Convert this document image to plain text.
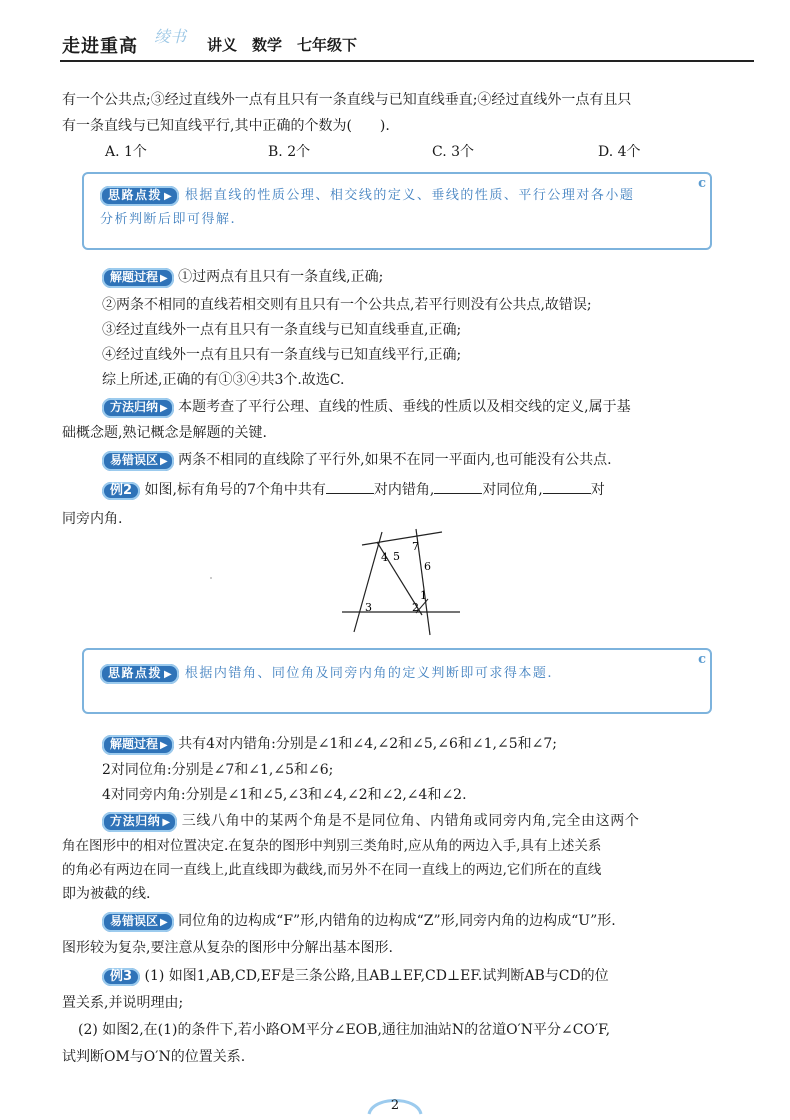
走进重高 绫书 讲义　数学　七年级下
有一个公共点;③经过直线外一点有且只有一条直线与已知直线垂直;④经过直线外一点有且只
有一条直线与已知直线平行,其中正确的个数为(　　).
A. 1个	B. 2个	C. 3个	D. 4个
c
思路点拨 ▶ 根据直线的性质公理、相交线的定义、垂线的性质、平行公理对各小题
分析判断后即可得解.
解题过程 ▶ ①过两点有且只有一条直线,正确;
②两条不相同的直线若相交则有且只有一个公共点,若平行则没有公共点,故错误;
③经过直线外一点有且只有一条直线与已知直线垂直,正确;
④经过直线外一点有且只有一条直线与已知直线平行,正确;
综上所述,正确的有①③④共3个.故选C.
方法归纳 ▶ 本题考查了平行公理、直线的性质、垂线的性质以及相交线的定义,属于基
础概念题,熟记概念是解题的关键.
易错误区 ▶ 两条不相同的直线除了平行外,如果不在同一平面内,也可能没有公共点.
例2 如图,标有角号的7个角中共有	对内错角,	对同位角,	对
同旁内角.
4 5
7
6
1
2
3
c
思路点拨 ▶ 根据内错角、同位角及同旁内角的定义判断即可求得本题.
解题过程 ▶ 共有4对内错角:分别是∠1和∠4,∠2和∠5,∠6和∠1,∠5和∠7;
2对同位角:分别是∠7和∠1,∠5和∠6;
4对同旁内角:分别是∠1和∠5,∠3和∠4,∠2和∠2,∠4和∠2.
方法归纳 ▶ 三线八角中的某两个角是不是同位角、内错角或同旁内角,完全由这两个
角在图形中的相对位置决定.在复杂的图形中判别三类角时,应从角的两边入手,具有上述关系
的角必有两边在同一直线上,此直线即为截线,而另外不在同一直线上的两边,它们所在的直线
即为被截的线.
易错误区 ▶ 同位角的边构成“F”形,内错角的边构成“Z”形,同旁内角的边构成“U”形.
图形较为复杂,要注意从复杂的图形中分解出基本图形.
例3 (1) 如图1,AB,CD,EF是三条公路,且AB⊥EF,CD⊥EF.试判断AB与CD的位
置关系,并说明理由;
(2) 如图2,在(1)的条件下,若小路OM平分∠EOB,通往加油站N的岔道O′N平分∠CO′F,
试判断OM与O′N的位置关系.
2
